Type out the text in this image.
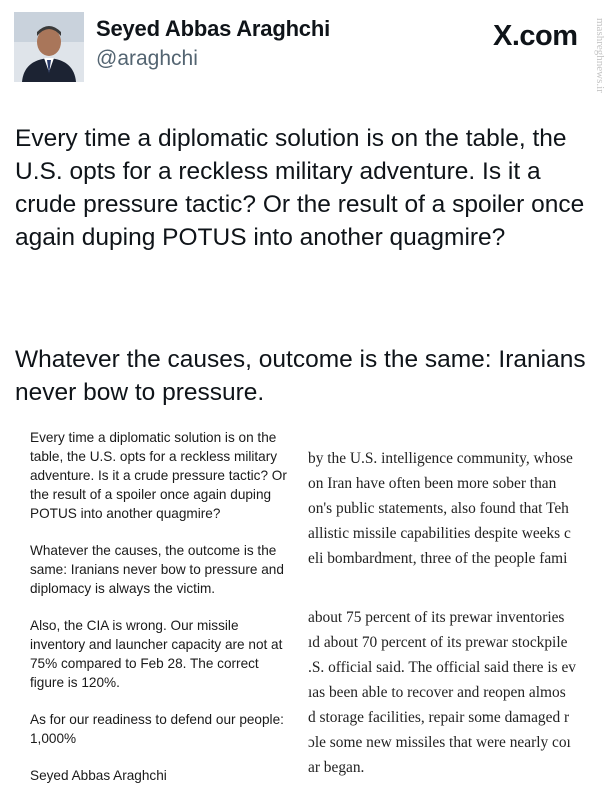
Seyed Abbas Araghchi
@araghchi
X.com mashreghnews.ir

Every time a diplomatic solution is on the table, the U.S. opts for a reckless military adventure. Is it a crude pressure tactic? Or the result of a spoiler once again duping POTUS into another quagmire?

Whatever the causes, outcome is the same: Iranians never bow to pressure.

Every time a diplomatic solution is on the table, the U.S. opts for a reckless military adventure. Is it a crude pressure tactic? Or the result of a spoiler once again duping POTUS into another quagmire?

Whatever the causes, the outcome is the same: Iranians never bow to pressure and diplomacy is always the victim.

Also, the CIA is wrong. Our missile inventory and launcher capacity are not at 75% compared to Feb 28. The correct figure is 120%.

As for our readiness to defend our people: 1,000%

Seyed Abbas Araghchi

by the U.S. intelligence community, whose
on Iran have often been more sober than
on's public statements, also found that Teh
allistic missile capabilities despite weeks c
eli bombardment, three of the people fami
about 75 percent of its prewar inventories
ıd about 70 percent of its prewar stockpile
.S. official said. The official said there is ev
ıas been able to recover and reopen almos
d storage facilities, repair some damaged r
ɔle some new missiles that were nearly coı
ar began.
